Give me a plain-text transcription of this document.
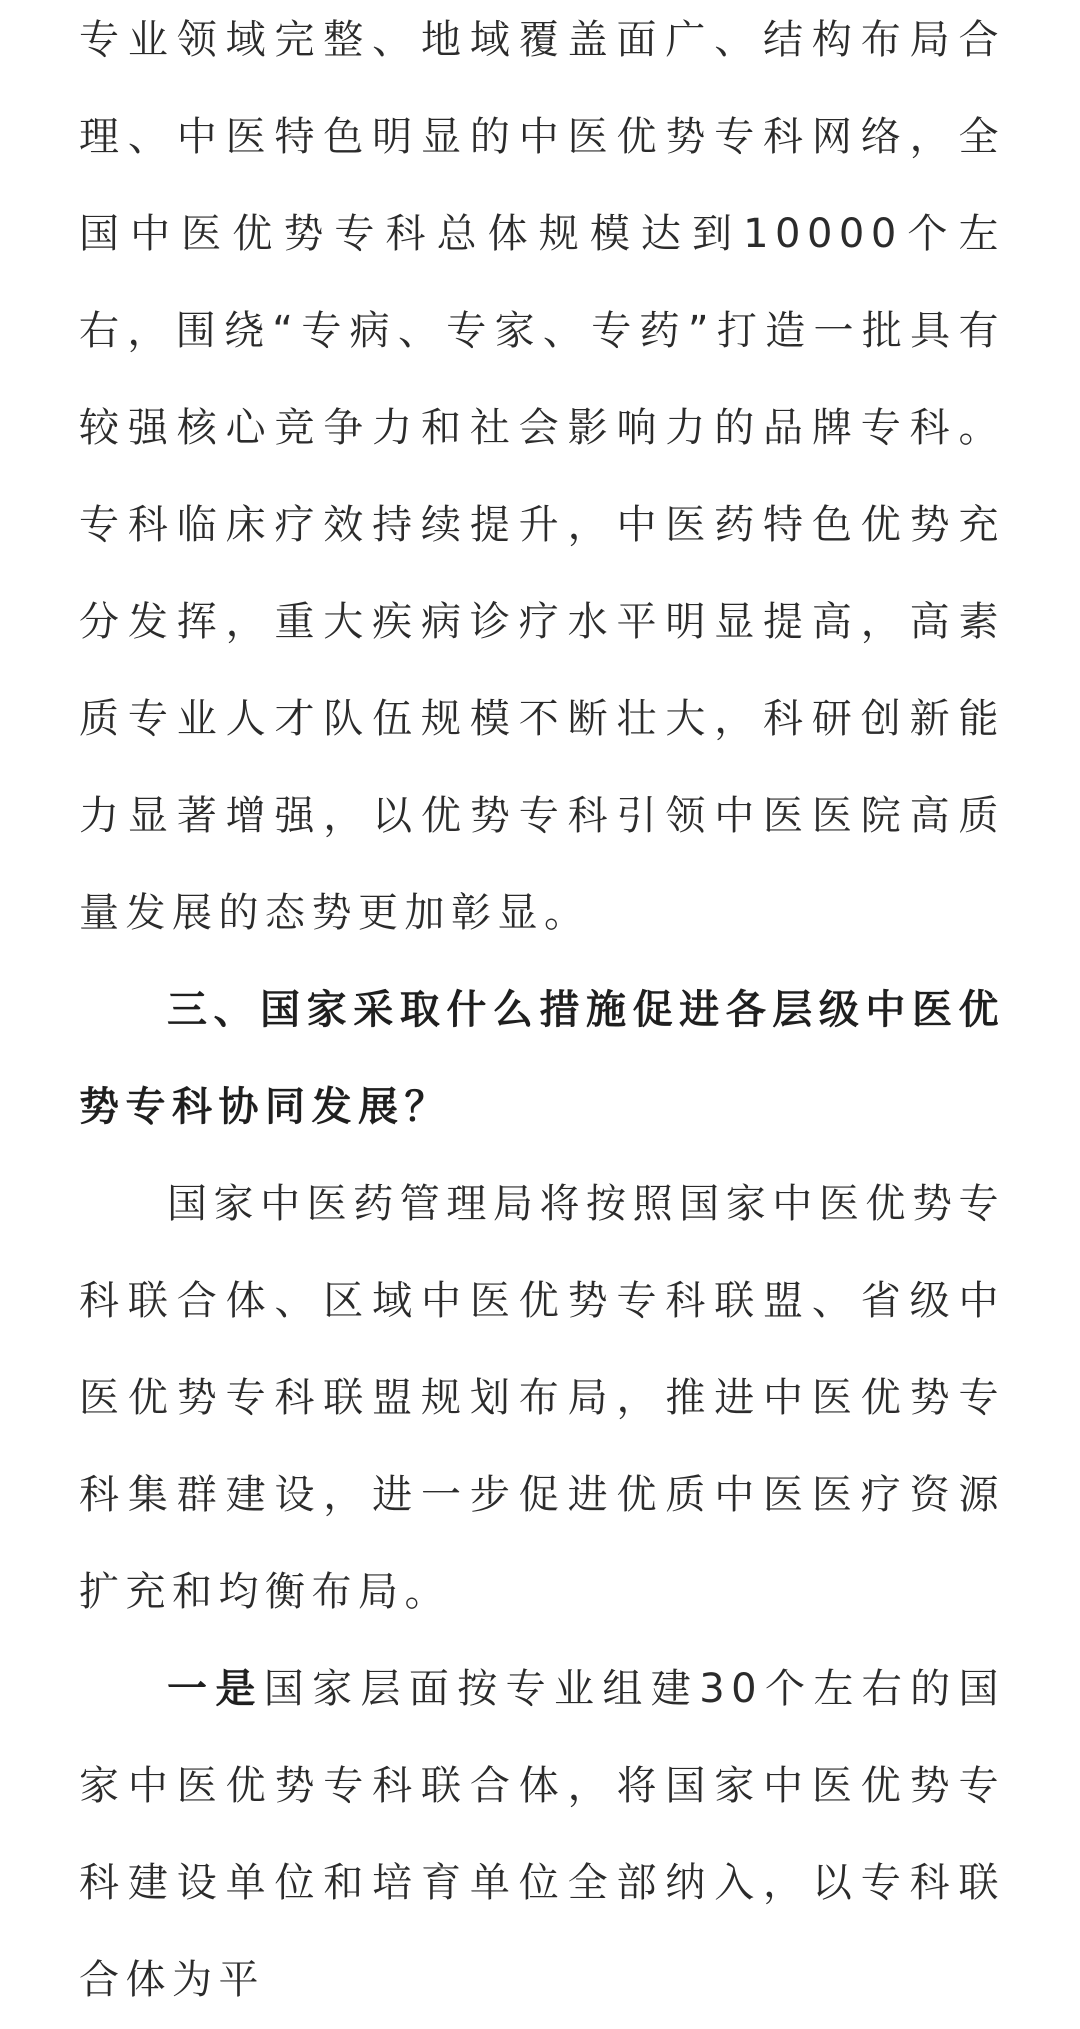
专业领域完整、地域覆盖面广、结构布局合理、中医特色明显的中医优势专科网络，全国中医优势专科总体规模达到10000个左右，围绕“专病、专家、专药”打造一批具有较强核心竞争力和社会影响力的品牌专科。专科临床疗效持续提升，中医药特色优势充分发挥，重大疾病诊疗水平明显提高，高素质专业人才队伍规模不断壮大，科研创新能力显著增强，以优势专科引领中医医院高质量发展的态势更加彰显。

三、国家采取什么措施促进各层级中医优势专科协同发展？

国家中医药管理局将按照国家中医优势专科联合体、区域中医优势专科联盟、省级中医优势专科联盟规划布局，推进中医优势专科集群建设，进一步促进优质中医医疗资源扩充和均衡布局。

一是国家层面按专业组建30个左右的国家中医优势专科联合体，将国家中医优势专科建设单位和培育单位全部纳入，以专科联合体为平
